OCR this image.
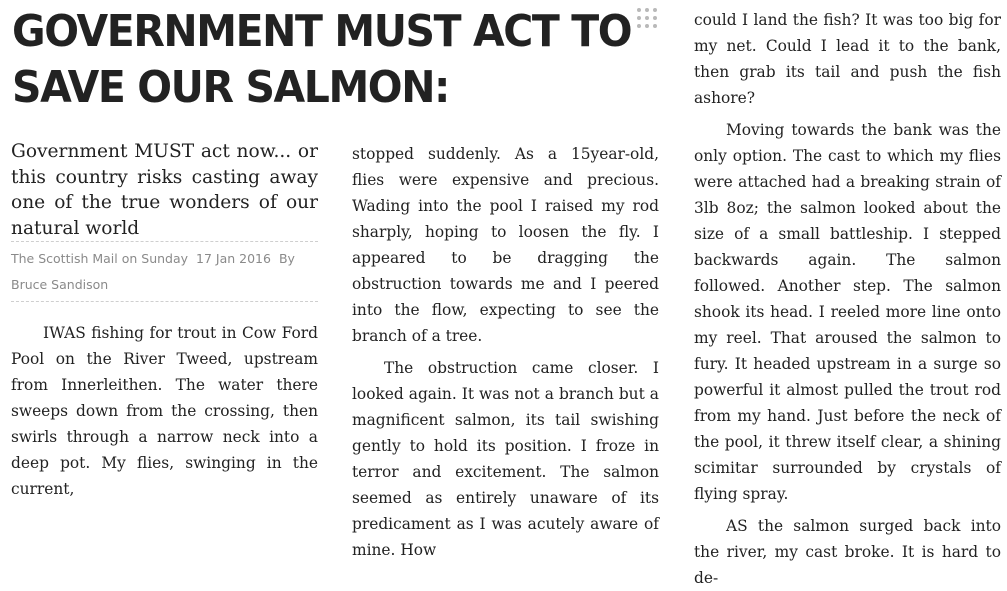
GOVERNMENT MUST ACT TO
SAVE OUR SALMON:

Government MUST act now... or this country risks casting away one of the true wonders of our natural world

The Scottish Mail on Sunday 17 Jan 2016 By
Bruce Sandison

IWAS fishing for trout in Cow Ford Pool on the River Tweed, upstream from Innerleithen. The water there sweeps down from the crossing, then swirls through a narrow neck into a deep pot. My flies, swinging in the current,

stopped suddenly. As a 15year-old, flies were expensive and precious. Wading into the pool I raised my rod sharply, hoping to loosen the fly. I appeared to be dragging the obstruction towards me and I peered into the flow, expecting to see the branch of a tree.

The obstruction came closer. I looked again. It was not a branch but a magnificent salmon, its tail swishing gently to hold its position. I froze in terror and excitement. The salmon seemed as entirely unaware of its predicament as I was acutely aware of mine. How

could I land the fish? It was too big for my net. Could I lead it to the bank, then grab its tail and push the fish ashore?

Moving towards the bank was the only option. The cast to which my flies were attached had a breaking strain of 3lb 8oz; the salmon looked about the size of a small battleship. I stepped backwards again. The salmon followed. Another step. The salmon shook its head. I reeled more line onto my reel. That aroused the salmon to fury. It headed upstream in a surge so powerful it almost pulled the trout rod from my hand. Just before the neck of the pool, it threw itself clear, a shining scimitar surrounded by crystals of flying spray.

AS the salmon surged back into the river, my cast broke. It is hard to de-
